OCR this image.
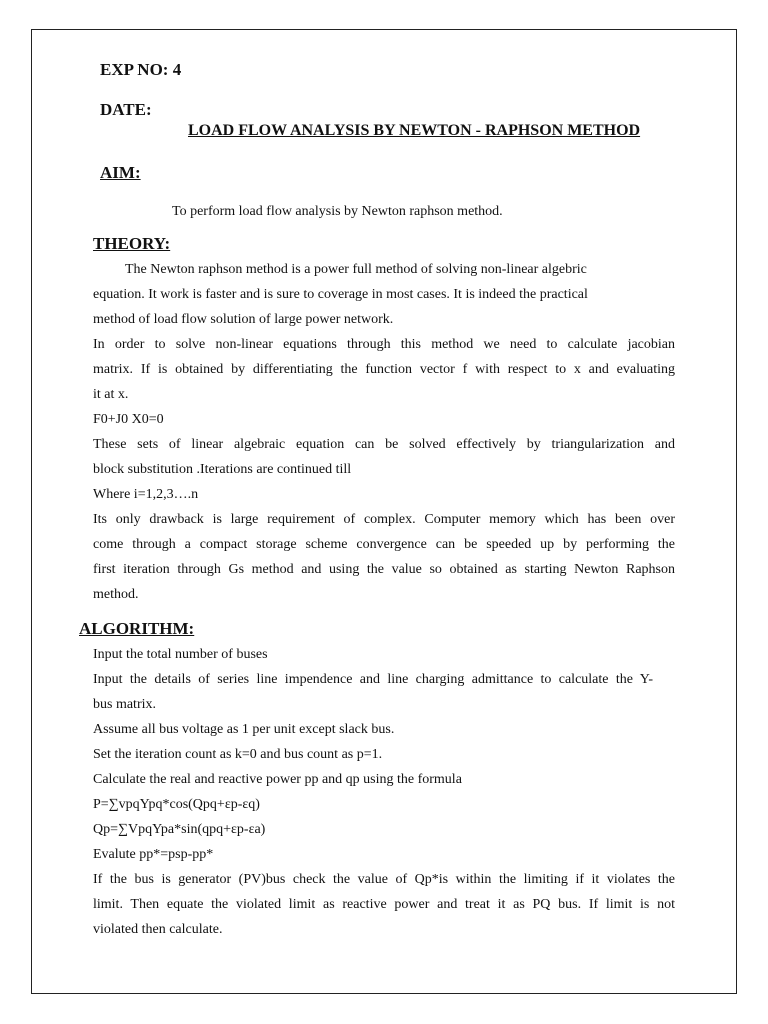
EXP NO: 4
DATE:
LOAD FLOW ANALYSIS BY NEWTON - RAPHSON METHOD
AIM:
To perform load flow analysis by Newton raphson method.
THEORY:
The Newton raphson method is a power full method of solving non-linear algebric
equation. It work is faster and is sure to coverage in most cases. It is indeed the practical
method of load flow solution of large power network.
In order to solve non-linear equations through this method we need to calculate jacobian
matrix. If is obtained by differentiating the function vector f with respect to x and evaluating
it at x.
F0+J0 X0=0
These sets of linear algebraic equation can be solved effectively by triangularization and
block substitution .Iterations are continued till
Where i=1,2,3….n
Its only drawback is large requirement of complex. Computer memory which has been over
come through a compact storage scheme convergence can be speeded up by performing the
first iteration through Gs method and using the value so obtained as starting Newton Raphson
method.
ALGORITHM:
Input the total number of buses
Input the details of series line impendence and line charging admittance to calculate the Y-
bus matrix.
Assume all bus voltage as 1 per unit except slack bus.
Set the iteration count as k=0 and bus count as p=1.
Calculate the real and reactive power pp and qp using the formula
P=∑vpqYpq*cos(Qpq+εp-εq)
Qp=∑VpqYpa*sin(qpq+εp-εa)
Evalute pp*=psp-pp*
If the bus is generator (PV)bus check the value of Qp*is within the limiting if it violates the
limit. Then equate the violated limit as reactive power and treat it as PQ bus. If limit is not
violated then calculate.
